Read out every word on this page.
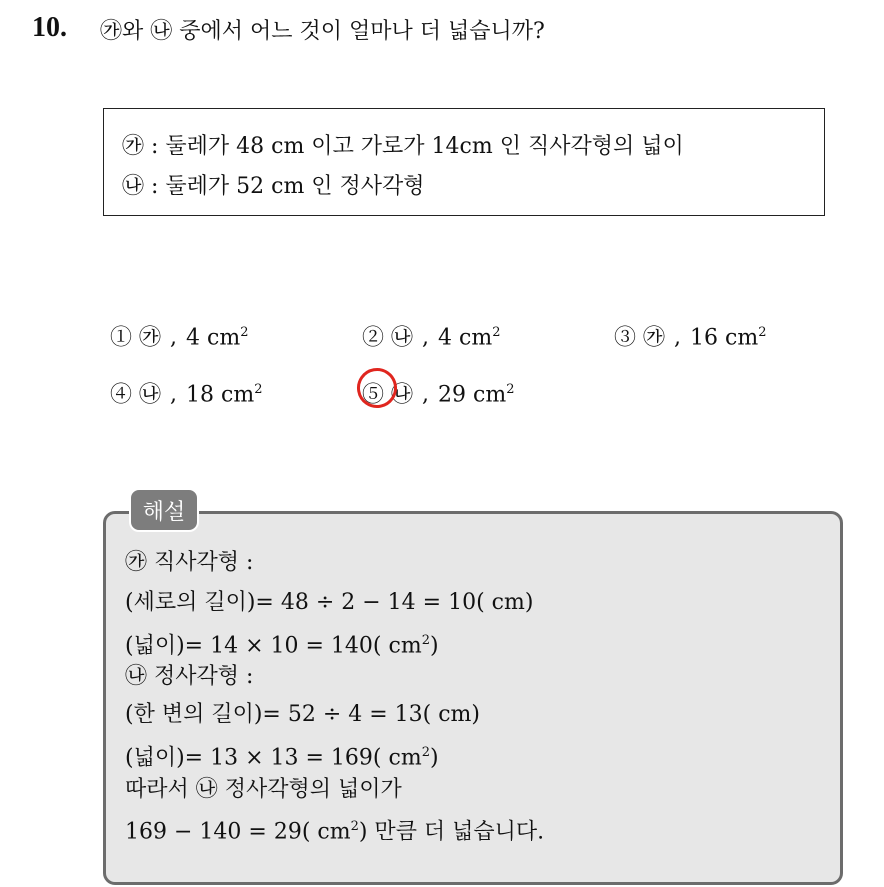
10. ㉮와 ㉯ 중에서 어느 것이 얼마나 더 넓습니까?
㉮ : 둘레가 48 cm 이고 가로가 14cm 인 직사각형의 넓이
㉯ : 둘레가 52 cm 인 정사각형
① ㉮ , 4 $cm^2$	② ㉯ , 4 $cm^2$	③ ㉮ , 16 $cm^2$
④ ㉯ , 18 $cm^2$	⑤ ㉯ , 29 $cm^2$
해설
㉮ 직사각형 :
(세로의 길이)= 48 ÷ 2 − 14 = 10( cm)
(넓이)= 14 × 10 = 140( $cm^2$)
㉯ 정사각형 :
(한 변의 길이)= 52 ÷ 4 = 13( cm)
(넓이)= 13 × 13 = 169( $cm^2$)
따라서 ㉯ 정사각형의 넓이가
169 − 140 = 29( $cm^2$) 만큼 더 넓습니다.
